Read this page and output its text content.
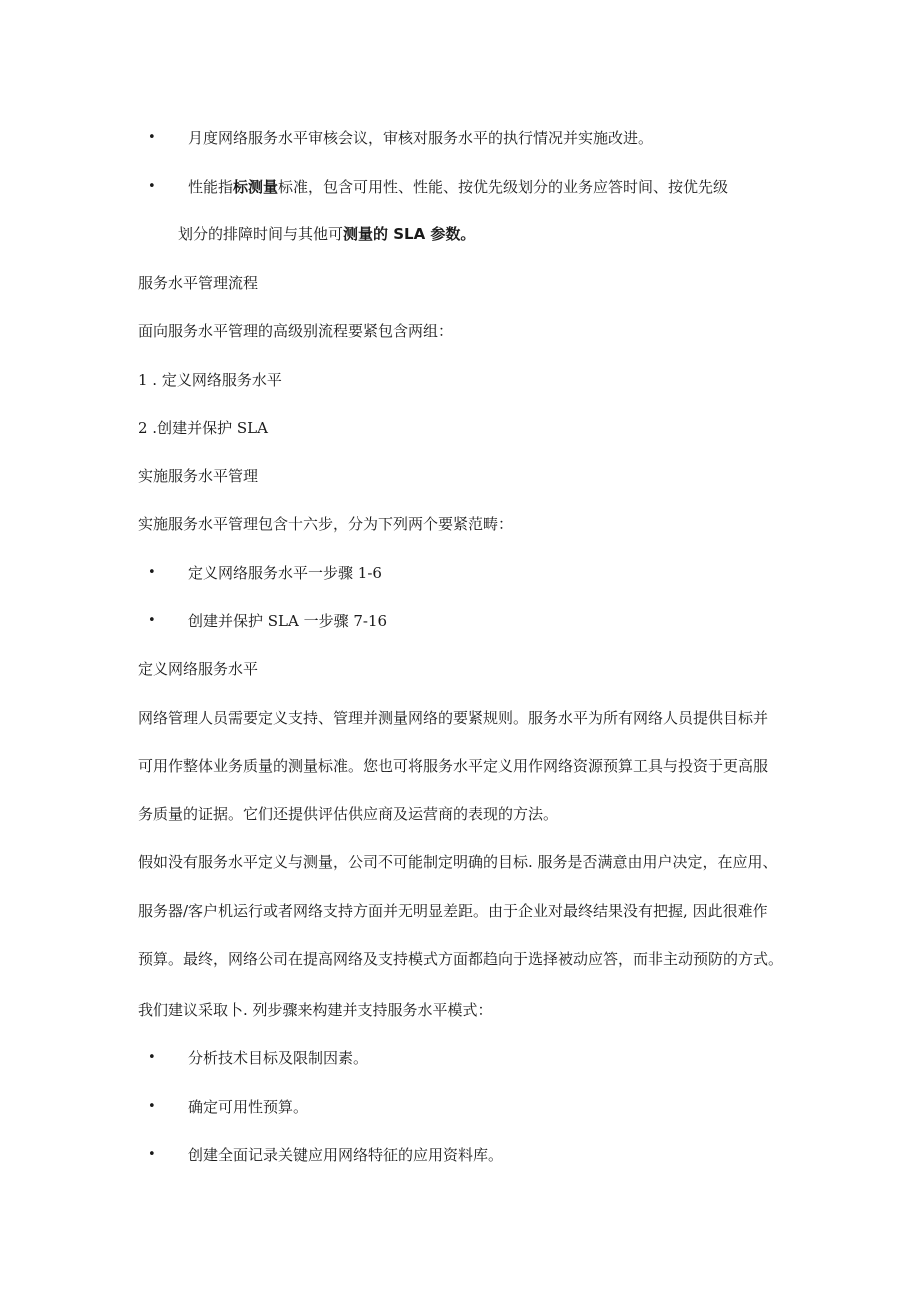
• 月度网络服务水平审核会议，审核对服务水平的执行情况并实施改进。
• 性能指标测量标准，包含可用性、性能、按优先级划分的业务应答时间、按优先级
划分的排障时间与其他可测量的 SLA 参数。
服务水平管理流程
面向服务水平管理的高级别流程要紧包含两组：
1 . 定义网络服务水平
2 .创建并保护 SLA
实施服务水平管理
实施服务水平管理包含十六步，分为下列两个要紧范畴：
• 定义网络服务水平一步骤 1-6
• 创建并保护 SLA 一步骤 7-16
定义网络服务水平
网络管理人员需要定义支持、管理并测量网络的要紧规则。服务水平为所有网络人员提供目标并
可用作整体业务质量的测量标准。您也可将服务水平定义用作网络资源预算工具与投资于更高服
务质量的证据。它们还提供评估供应商及运营商的表现的方法。
假如没有服务水平定义与测量，公司不可能制定明确的目标. 服务是否满意由用户决定，在应用、
服务器/客户机运行或者网络支持方面并无明显差距。由于企业对最终结果没有把握, 因此很难作
预算。最终，网络公司在提高网络及支持模式方面都趋向于选择被动应答，而非主动预防的方式。
我们建议采取卜. 列步骤来构建并支持服务水平模式：
• 分析技术目标及限制因素。
• 确定可用性预算。
• 创建全面记录关键应用网络特征的应用资料库。
